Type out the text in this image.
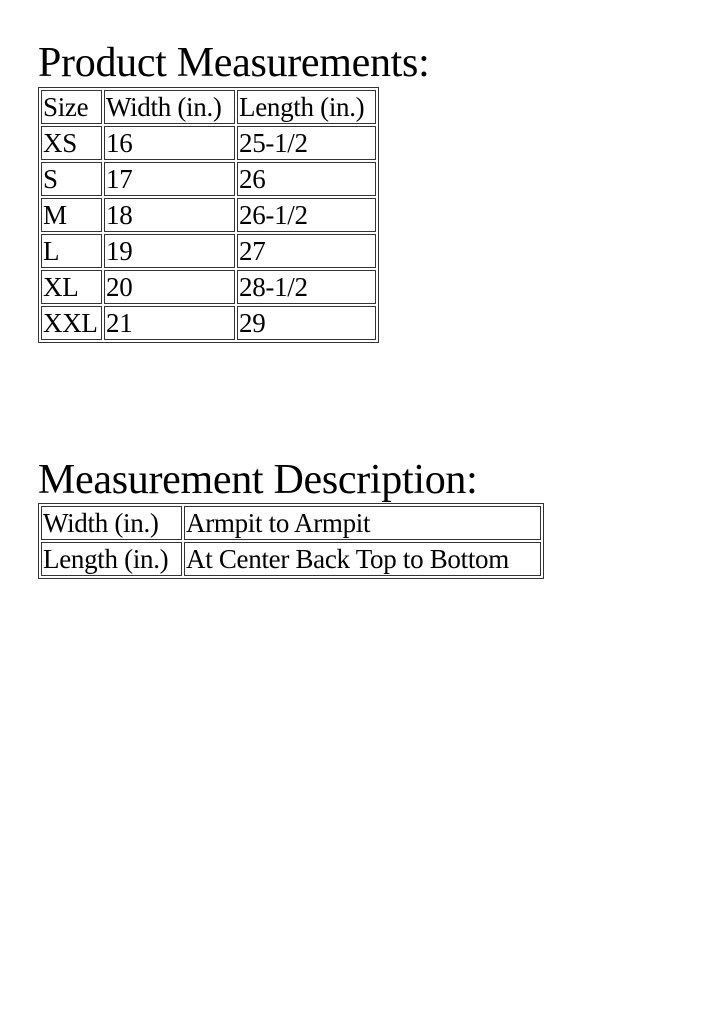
Product Measurements:
Size	Width (in.)	Length (in.)
XS	16	25-1/2
S	17	26
M	18	26-1/2
L	19	27
XL	20	28-1/2
XXL	21	29
Measurement Description:
Width (in.)	Armpit to Armpit
Length (in.)	At Center Back Top to Bottom
